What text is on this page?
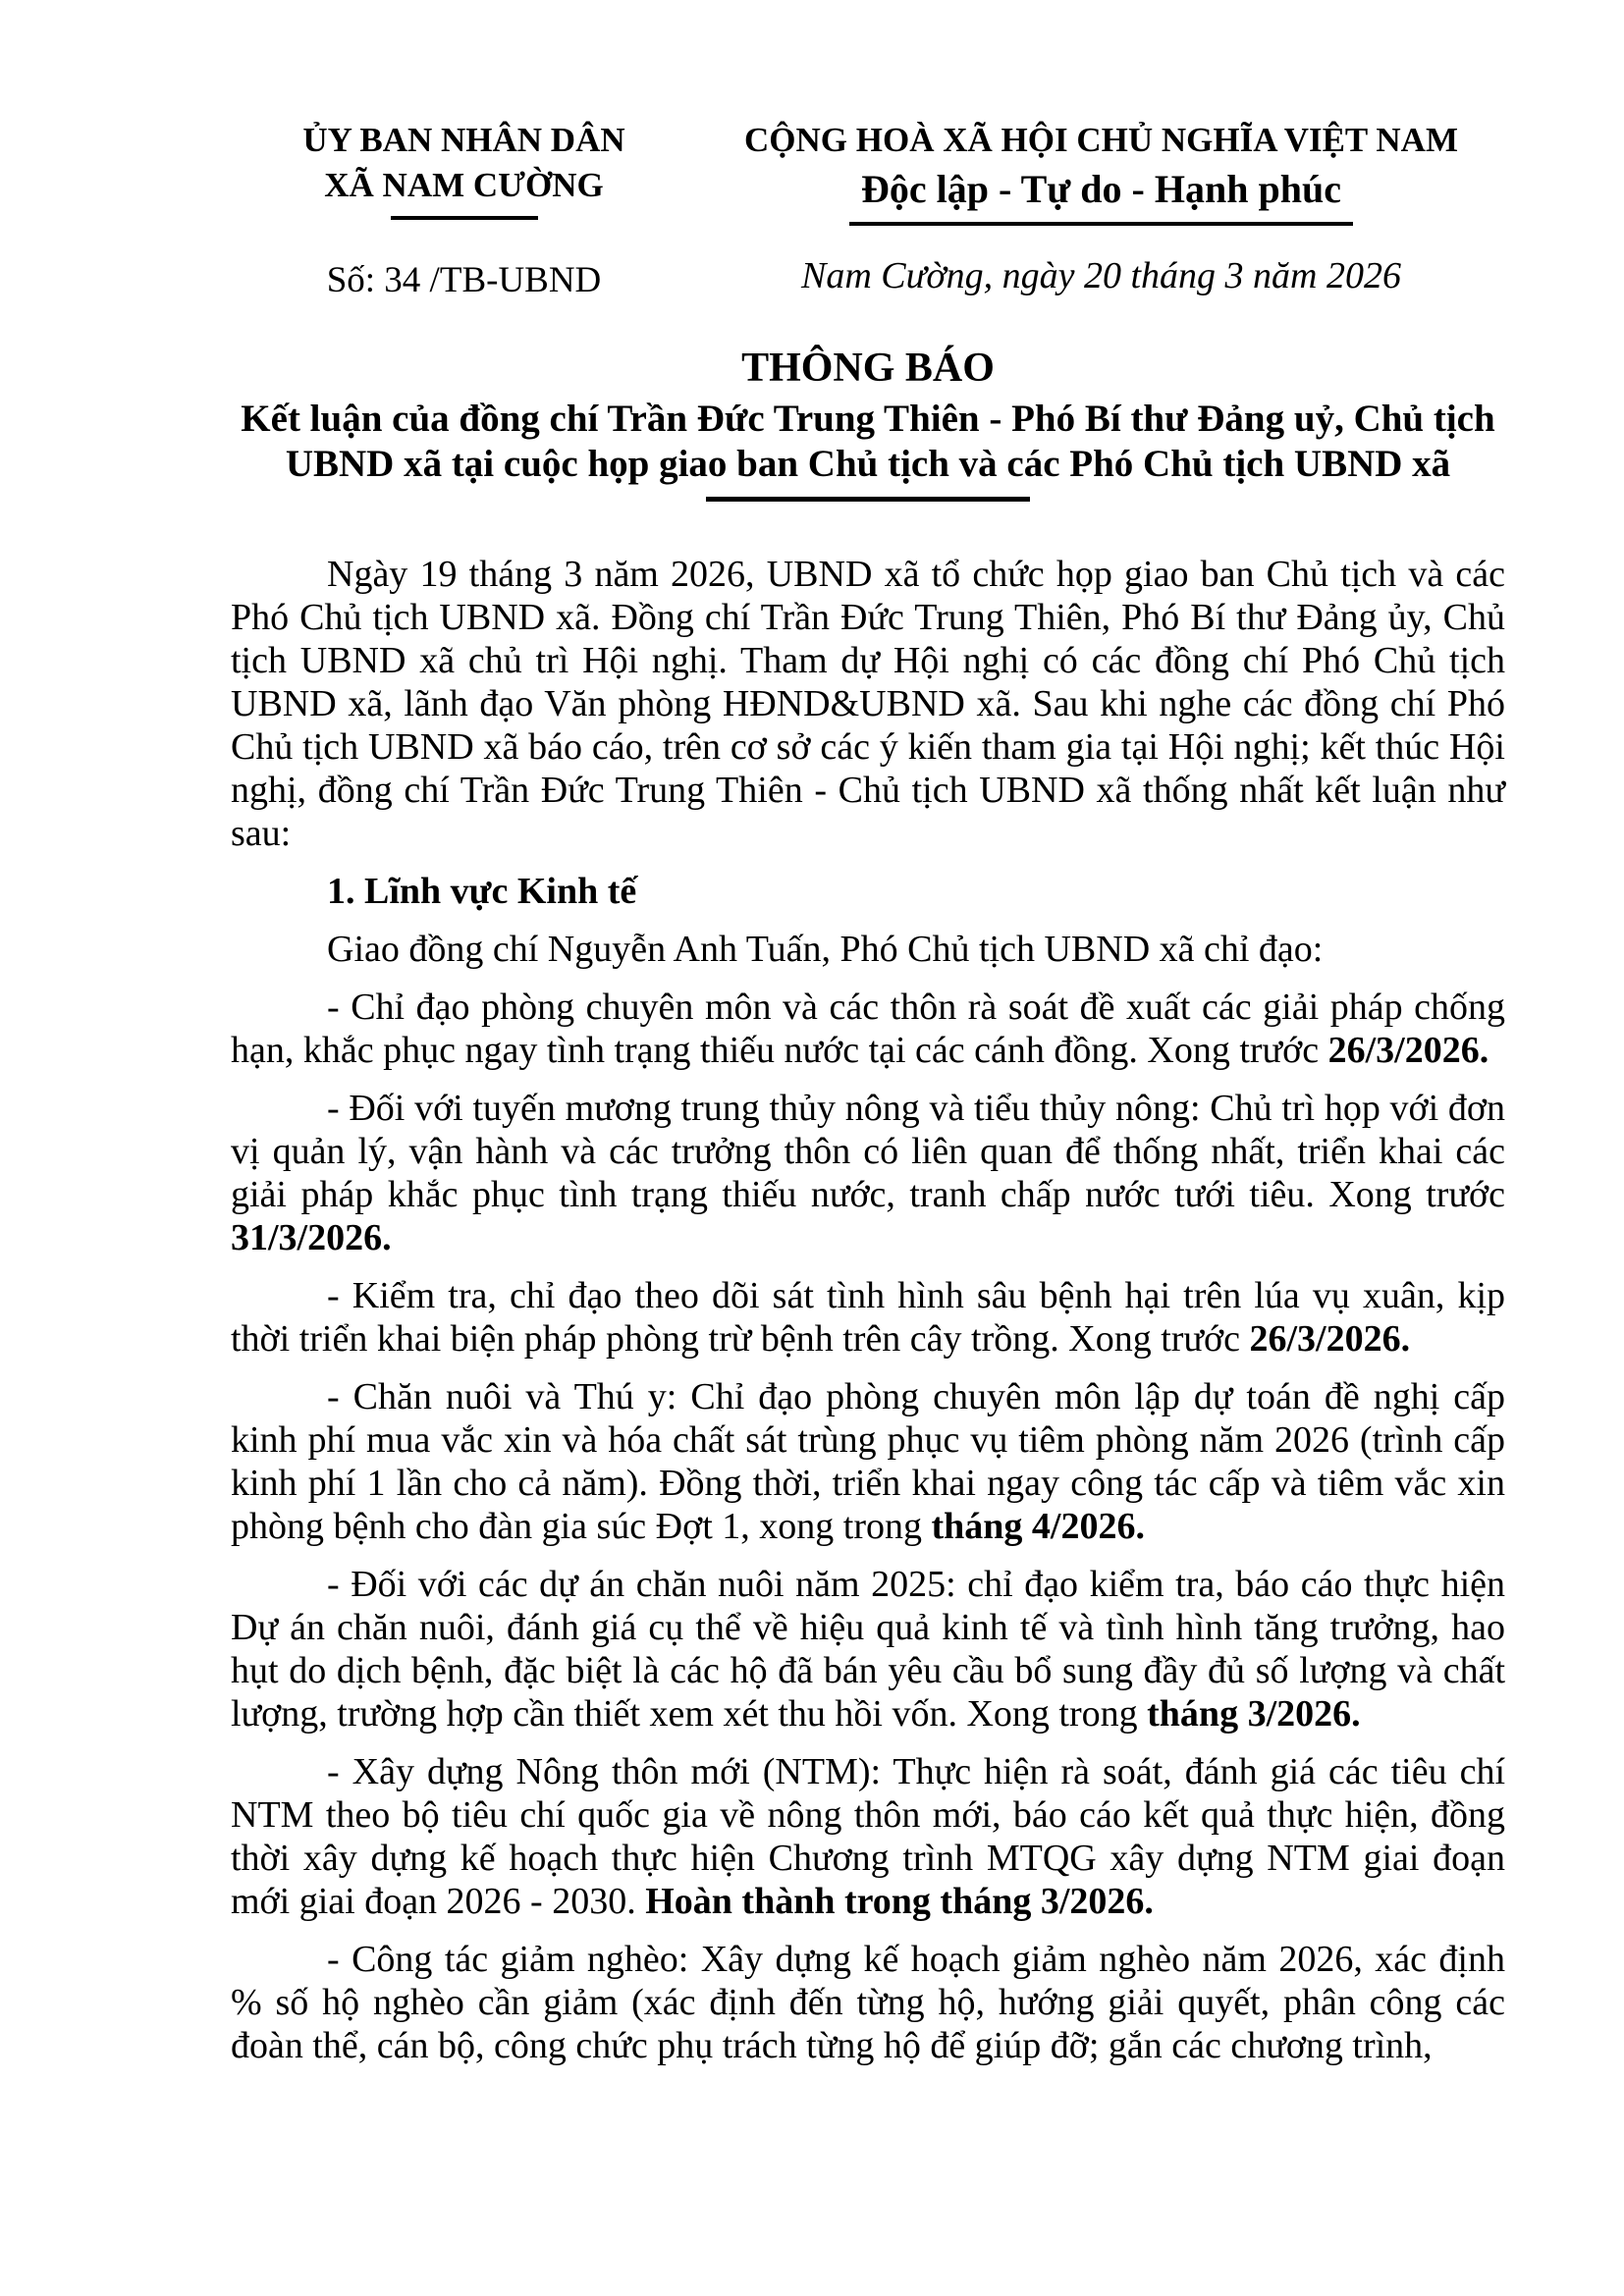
ỦY BAN NHÂN DÂN
XÃ NAM CƯỜNG
Số: 34 /TB-UBND
CỘNG HOÀ XÃ HỘI CHỦ NGHĨA VIỆT NAM
Độc lập - Tự do - Hạnh phúc
Nam Cường, ngày 20 tháng 3 năm 2026
THÔNG BÁO
Kết luận của đồng chí Trần Đức Trung Thiên - Phó Bí thư Đảng uỷ, Chủ tịch UBND xã tại cuộc họp giao ban Chủ tịch và các Phó Chủ tịch UBND xã

Ngày 19 tháng 3 năm 2026, UBND xã tổ chức họp giao ban Chủ tịch và các Phó Chủ tịch UBND xã. Đồng chí Trần Đức Trung Thiên, Phó Bí thư Đảng ủy, Chủ tịch UBND xã chủ trì Hội nghị. Tham dự Hội nghị có các đồng chí Phó Chủ tịch UBND xã, lãnh đạo Văn phòng HĐND&UBND xã. Sau khi nghe các đồng chí Phó Chủ tịch UBND xã báo cáo, trên cơ sở các ý kiến tham gia tại Hội nghị; kết thúc Hội nghị, đồng chí Trần Đức Trung Thiên - Chủ tịch UBND xã thống nhất kết luận như sau:

1. Lĩnh vực Kinh tế

Giao đồng chí Nguyễn Anh Tuấn, Phó Chủ tịch UBND xã chỉ đạo:

- Chỉ đạo phòng chuyên môn và các thôn rà soát đề xuất các giải pháp chống hạn, khắc phục ngay tình trạng thiếu nước tại các cánh đồng. Xong trước 26/3/2026.

- Đối với tuyến mương trung thủy nông và tiểu thủy nông: Chủ trì họp với đơn vị quản lý, vận hành và các trưởng thôn có liên quan để thống nhất, triển khai các giải pháp khắc phục tình trạng thiếu nước, tranh chấp nước tưới tiêu. Xong trước 31/3/2026.

- Kiểm tra, chỉ đạo theo dõi sát tình hình sâu bệnh hại trên lúa vụ xuân, kịp thời triển khai biện pháp phòng trừ bệnh trên cây trồng. Xong trước 26/3/2026.

- Chăn nuôi và Thú y: Chỉ đạo phòng chuyên môn lập dự toán đề nghị cấp kinh phí mua vắc xin và hóa chất sát trùng phục vụ tiêm phòng năm 2026 (trình cấp kinh phí 1 lần cho cả năm). Đồng thời, triển khai ngay công tác cấp và tiêm vắc xin phòng bệnh cho đàn gia súc Đợt 1, xong trong tháng 4/2026.

- Đối với các dự án chăn nuôi năm 2025: chỉ đạo kiểm tra, báo cáo thực hiện Dự án chăn nuôi, đánh giá cụ thể về hiệu quả kinh tế và tình hình tăng trưởng, hao hụt do dịch bệnh, đặc biệt là các hộ đã bán yêu cầu bổ sung đầy đủ số lượng và chất lượng, trường hợp cần thiết xem xét thu hồi vốn. Xong trong tháng 3/2026.

- Xây dựng Nông thôn mới (NTM): Thực hiện rà soát, đánh giá các tiêu chí NTM theo bộ tiêu chí quốc gia về nông thôn mới, báo cáo kết quả thực hiện, đồng thời xây dựng kế hoạch thực hiện Chương trình MTQG xây dựng NTM giai đoạn mới giai đoạn 2026 - 2030. Hoàn thành trong tháng 3/2026.

- Công tác giảm nghèo: Xây dựng kế hoạch giảm nghèo năm 2026, xác định % số hộ nghèo cần giảm (xác định đến từng hộ, hướng giải quyết, phân công các đoàn thể, cán bộ, công chức phụ trách từng hộ để giúp đỡ; gắn các chương trình,
